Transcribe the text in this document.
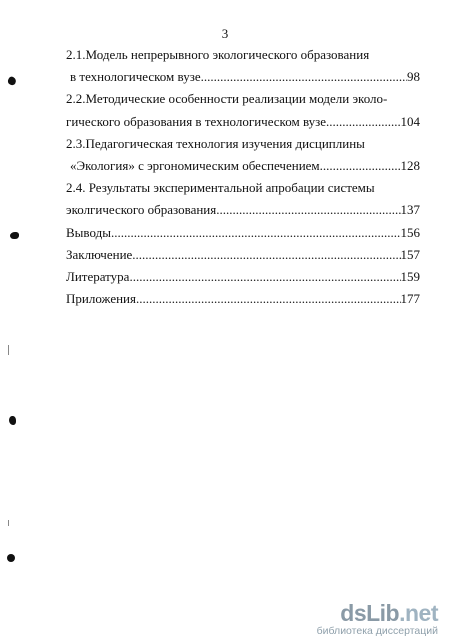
3
2.1.Модель непрерывного экологического образования
в технологическом вузе .....	98
2.2.Методические особенности реализации модели эколо-
гического образования в технологическом вузе .....	104
2.3.Педагогическая технология изучения дисциплины
«Экология» с эргономическим обеспечением .....	128
2.4. Результаты экспериментальной апробации системы
эколгического образования .....	137
Выводы .....	156
Заключение .....	157
Литература .....	159
Приложения .....	177
dsLib.net
библиотека диссертаций
